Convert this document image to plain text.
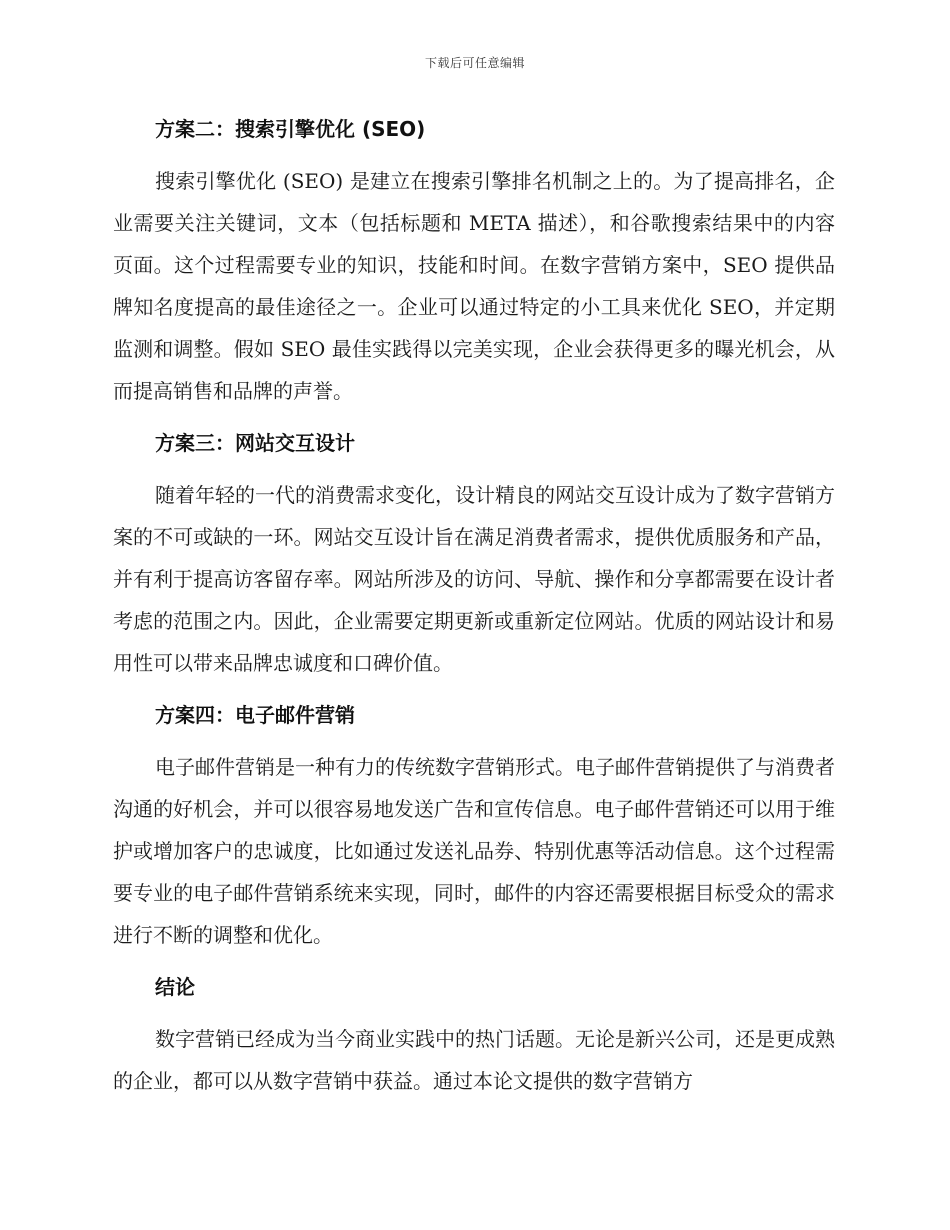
下载后可任意编辑
方案二：搜索引擎优化 (SEO)

搜索引擎优化 (SEO) 是建立在搜索引擎排名机制之上的。为了提高排名，企业需要关注关键词，文本（包括标题和 META 描述），和谷歌搜索结果中的内容页面。这个过程需要专业的知识，技能和时间。在数字营销方案中，SEO 提供品牌知名度提高的最佳途径之一。企业可以通过特定的小工具来优化 SEO，并定期监测和调整。假如 SEO 最佳实践得以完美实现，企业会获得更多的曝光机会，从而提高销售和品牌的声誉。

方案三：网站交互设计

随着年轻的一代的消费需求变化，设计精良的网站交互设计成为了数字营销方案的不可或缺的一环。网站交互设计旨在满足消费者需求，提供优质服务和产品，并有利于提高访客留存率。网站所涉及的访问、导航、操作和分享都需要在设计者考虑的范围之内。因此，企业需要定期更新或重新定位网站。优质的网站设计和易用性可以带来品牌忠诚度和口碑价值。

方案四：电子邮件营销

电子邮件营销是一种有力的传统数字营销形式。电子邮件营销提供了与消费者沟通的好机会，并可以很容易地发送广告和宣传信息。电子邮件营销还可以用于维护或增加客户的忠诚度，比如通过发送礼品券、特别优惠等活动信息。这个过程需要专业的电子邮件营销系统来实现，同时，邮件的内容还需要根据目标受众的需求进行不断的调整和优化。

结论

数字营销已经成为当今商业实践中的热门话题。无论是新兴公司，还是更成熟的企业，都可以从数字营销中获益。通过本论文提供的数字营销方
